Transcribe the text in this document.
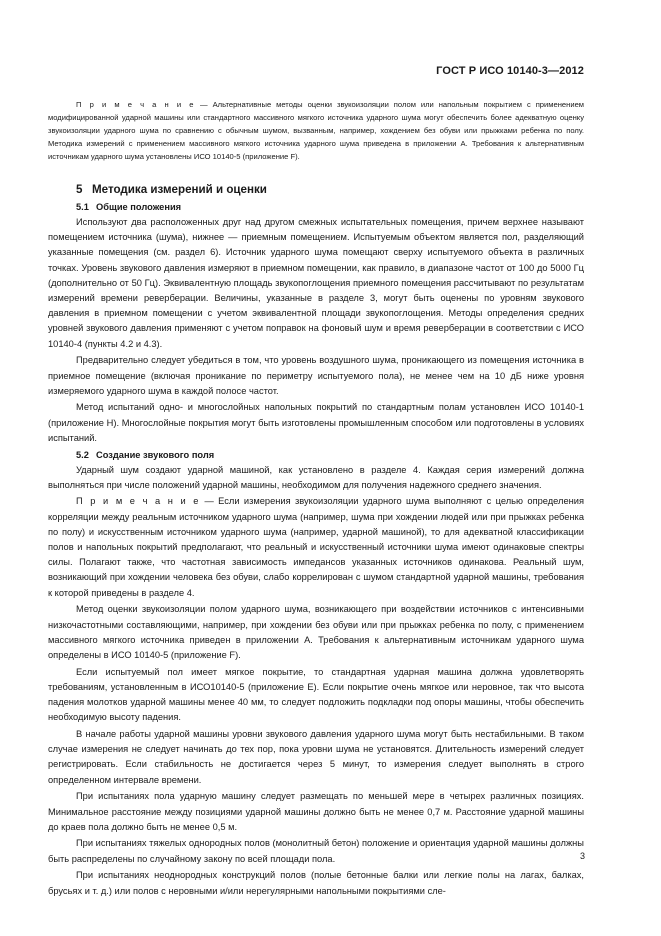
ГОСТ Р ИСО 10140-3—2012

П р и м е ч а н и е — Альтернативные методы оценки звукоизоляции полом или напольным покрытием с применением модифицированной ударной машины или стандартного массивного мягкого источника ударного шума могут обеспечить более адекватную оценку звукоизоляции ударного шума по сравнению с обычным шумом, вызванным, например, хождением без обуви или прыжками ребенка по полу. Методика измерений с применением массивного мягкого источника ударного шума приведена в приложении А. Требования к альтернативным источникам ударного шума установлены ИСО 10140-5 (приложение F).

5 Методика измерений и оценки
5.1 Общие положения

Используют два расположенных друг над другом смежных испытательных помещения, причем верхнее называют помещением источника (шума), нижнее — приемным помещением. Испытуемым объектом является пол, разделяющий указанные помещения (см. раздел 6). Источник ударного шума помещают сверху испытуемого объекта в различных точках. Уровень звукового давления измеряют в приемном помещении, как правило, в диапазоне частот от 100 до 5000 Гц (дополнительно от 50 Гц). Эквивалентную площадь звукопоглощения приемного помещения рассчитывают по результатам измерений времени реверберации. Величины, указанные в разделе 3, могут быть оценены по уровням звукового давления в приемном помещении с учетом эквивалентной площади звукопоглощения. Методы определения средних уровней звукового давления применяют с учетом поправок на фоновый шум и время реверберации в соответствии с ИСО 10140-4 (пункты 4.2 и 4.3).

Предварительно следует убедиться в том, что уровень воздушного шума, проникающего из помещения источника в приемное помещение (включая проникание по периметру испытуемого пола), не менее чем на 10 дБ ниже уровня измеряемого ударного шума в каждой полосе частот.

Метод испытаний одно- и многослойных напольных покрытий по стандартным полам установлен ИСО 10140-1 (приложение Н). Многослойные покрытия могут быть изготовлены промышленным способом или подготовлены в условиях испытаний.

5.2 Создание звукового поля

Ударный шум создают ударной машиной, как установлено в разделе 4. Каждая серия измерений должна выполняться при числе положений ударной машины, необходимом для получения надежного среднего значения.

П р и м е ч а н и е — Если измерения звукоизоляции ударного шума выполняют с целью определения корреляции между реальным источником ударного шума (например, шума при хождении людей или при прыжках ребенка по полу) и искусственным источником ударного шума (например, ударной машиной), то для адекватной классификации полов и напольных покрытий предполагают, что реальный и искусственный источники шума имеют одинаковые спектры силы. Полагают также, что частотная зависимость импедансов указанных источников одинакова. Реальный шум, возникающий при хождении человека без обуви, слабо коррелирован с шумом стандартной ударной машины, требования к которой приведены в разделе 4.

Метод оценки звукоизоляции полом ударного шума, возникающего при воздействии источников с интенсивными низкочастотными составляющими, например, при хождении без обуви или при прыжках ребенка по полу, с применением массивного мягкого источника приведен в приложении А. Требования к альтернативным источникам ударного шума определены в ИСО 10140-5 (приложение F).

Если испытуемый пол имеет мягкое покрытие, то стандартная ударная машина должна удовлетворять требованиям, установленным в ИСО10140-5 (приложение Е). Если покрытие очень мягкое или неровное, так что высота падения молотков ударной машины менее 40 мм, то следует подложить подкладки под опоры машины, чтобы обеспечить необходимую высоту падения.

В начале работы ударной машины уровни звукового давления ударного шума могут быть нестабильными. В таком случае измерения не следует начинать до тех пор, пока уровни шума не установятся. Длительность измерений следует регистрировать. Если стабильность не достигается через 5 минут, то измерения следует выполнять в строго определенном интервале времени.

При испытаниях пола ударную машину следует размещать по меньшей мере в четырех различных позициях. Минимальное расстояние между позициями ударной машины должно быть не менее 0,7 м. Расстояние ударной машины до краев пола должно быть не менее 0,5 м.

При испытаниях тяжелых однородных полов (монолитный бетон) положение и ориентация ударной машины должны быть распределены по случайному закону по всей площади пола.

При испытаниях неоднородных конструкций полов (полые бетонные балки или легкие полы на лагах, балках, брусьях и т. д.) или полов с неровными и/или нерегулярными напольными покрытиями сле-

3
